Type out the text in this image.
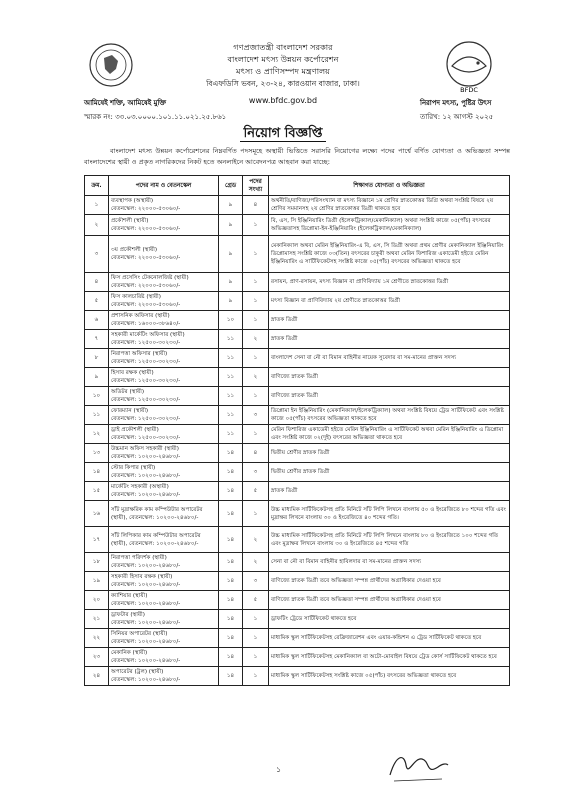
BFDC
গণপ্রজাতন্ত্রী বাংলাদেশ সরকার
বাংলাদেশ মৎস্য উন্নয়ন কর্পোরেশন
মৎস্য ও প্রাণিসম্পদ মন্ত্রণালয়
বিএফডিসি ভবন, ২৩-২৪, কারওয়ান বাজার, ঢাকা।
www.bfdc.gov.bd
আমিষেই শক্তি, আমিষেই মুক্তি	নিরাপদ মৎস্য, পুষ্টির উৎস
স্মারক নং: ৩৩.০৩.০০০০.১০১.১১.০২১.২৫.৮৬১	তারিখ: ১২ আগস্ট ২০২৫
নিয়োগ বিজ্ঞপ্তি
বাংলাদেশ মৎস্য উন্নয়ন কর্পোরেশনের নিম্নবর্ণিত পদসমূহে অস্থায়ী ভিত্তিতে সরাসরি নিয়োগের লক্ষ্যে পদের পার্শ্বে বর্ণিত যোগ্যতা ও অভিজ্ঞতা সম্পন্ন বাংলাদেশের স্থায়ী ও প্রকৃত নাগরিকদের নিকট হতে অনলাইনে আবেদনপত্র আহবান করা যাচ্ছে:
ক্রম.	পদের নাম ও বেতনস্কেল	গ্রেড	পদের সংখ্যা	শিক্ষাগত যোগ্যতা ও অভিজ্ঞতা
১	ব্যবস্থাপক (অস্থায়ী)
বেতনস্কেল: ২২০০০-৫৩০৬০/-	৯	৪	অর্থনীতি/বাণিজ্য/পরিসংখ্যান বা মৎস্য বিজ্ঞানে ১ম শ্রেণির স্নাতকোত্তর ডিগ্রি অথবা সংশ্লিষ্ট বিষয়ে ২য় শ্রেণির সমমানসহ ২য় শ্রেণির স্নাতকোত্তর ডিগ্রী থাকতে হবে
২	প্রকৌশলী (স্থায়ী)
বেতনস্কেল: ২২০০০-৫৩০৬০/-	৯	১	বি, এস, সি ইঞ্জিনিয়ারিং ডিগ্রী (ইলেকট্রিক্যাল/মেকানিক্যাল) অথবা সংশ্লিষ্ট কাজে ০৫(পাঁচ) বৎসরের অভিজ্ঞতাসহ ডিপ্লোমা-ইন-ইঞ্জিনিয়ারিং (ইলেকট্রিক্যাল/মেকানিক্যাল)
৩	৩য় প্রকৌশলী (স্থায়ী)
বেতনস্কেল: ২২০০০-৫৩০৬০/-	৯	১	মেকানিক্যাল অথবা মেরিন ইঞ্জিনিয়ারিং-এ বি, এস, সি ডিগ্রী অথবা প্রথম শ্রেণীর মেকানিক্যাল ইঞ্জিনিয়ারিং ডিপ্লোমাসহ সংশ্লিষ্ট কাজে ০৩(তিন) বৎসরের চাকুরী অথবা মেরিন ফিশারিজ একাডেমী হইতে মেরিন ইঞ্জিনিয়ারিং এ সার্টিফিকেটসহ সংশ্লিষ্ট কাজে ০৫(পাঁচ) বৎসরের অভিজ্ঞতা থাকতে হবে
৪	ফিস প্রসেসিং টেকনোলজিষ্ট (স্থায়ী)
বেতনস্কেল: ২২০০০-৫৩০৬০/-	৯	১	রসায়ন, প্রাণ-রসায়ন, মৎস্য বিজ্ঞান বা প্রাণিবিদ্যায় ১ম শ্রেণীতে স্নাতকোত্তর ডিগ্রী
৫	ফিস কালচারিষ্ট (স্থায়ী)
বেতনস্কেল: ২২০০০-৫৩০৬০/-	৯	১	মৎস্য বিজ্ঞান বা প্রাণিবিদ্যায় ২য় শ্রেণীতে স্নাতকোত্তর ডিগ্রী
৬	প্রশাসনিক অফিসার (স্থায়ী)
বেতনস্কেল: ১৬০০০-৩৮৬৪০/-	১০	১	স্নাতক ডিগ্রী
৭	সহকারী মার্কেটিং অফিসার (স্থায়ী)
বেতনস্কেল: ১২৫০০-৩০২৩০/-	১১	২	স্নাতক ডিগ্রী
৮	নিরাপত্তা অফিসার (স্থায়ী)
বেতনস্কেল: ১২৫০০-৩০২৩০/-	১১	১	বাংলাদেশ সেনা বা নৌ বা বিমান বাহিনীর নায়েক সুবেদার বা সম-মানের প্রাক্তন সদস্য
৯	হিসাব রক্ষক (স্থায়ী)
বেতনস্কেল: ১২৫০০-৩০২৩০/-	১১	২	বাণিজ্যে স্নাতক ডিগ্রী
১০	অডিটর (স্থায়ী)
বেতনস্কেল: ১২৫০০-৩০২৩০/-	১১	১	বাণিজ্যে স্নাতক ডিগ্রী
১১	ফোরম্যান (স্থায়ী)
বেতনস্কেল: ১২৫০০-৩০২৩০/-	১১	৩	ডিপ্লোমা ইন ইঞ্জিনিয়ারিং (মেকানিক্যাল/ইলেকট্রিক্যাল) অথবা সংশ্লিষ্ট বিষয়ে ট্রেড সার্টিফিকেট এবং সংশ্লিষ্ট কাজে ০৫(পাঁচ) বৎসরের অভিজ্ঞতা থাকতে হবে
১২	ড্রাই প্রকৌশলী (স্থায়ী)
বেতনস্কেল: ১২৫০০-৩০২৩০/-	১১	১	মেরিন ফিশারিজ একাডেমী হইতে মেরিন ইঞ্জিনিয়ারিং এ সার্টিফিকেট অথবা মেরিন ইঞ্জিনিয়ারিং এ ডিপ্লোমা এবং সংশ্লিষ্ট কাজে ০২(দুই) বৎসরের অভিজ্ঞতা থাকতে হবে
১৩	উচ্চমান অফিস সহকারী (স্থায়ী)
বেতনস্কেল: ১০২০০-২৪৬৮০/-	১৪	৪	দ্বিতীয় শ্রেণীর স্নাতক ডিগ্রী
১৪	স্টোর কিপার (স্থায়ী)
বেতনস্কেল: ১০২০০-২৪৬৮০/-	১৪	৩	দ্বিতীয় শ্রেণীর স্নাতক ডিগ্রী
১৫	মার্কেটিং সহকারী (অস্থায়ী)
বেতনস্কেল: ১০২০০-২৪৬৮০/-	১৪	৫	স্নাতক ডিগ্রী
১৬	সাঁট মুদ্রাক্ষরিক কাম কম্পিউটার অপারেটর (স্থায়ী), বেতনস্কেল: ১০২০০-২৪৬৮০/-	১৪	১	উচ্চ মাধ্যমিক সার্টিফিকেটসহ প্রতি মিনিটে সাঁট লিপি লিখনে বাংলায় ৫০ ও ইংরেজিতে ৮০ শব্দের গতি এবং মুদ্রাক্ষর লিখনে বাংলায় ৩০ ও ইংরেজিতে ৪০ শব্দের গতি।
১৭	সাঁট লিপিকার কাম কম্পিউটার অপারেটর (স্থায়ী), বেতনস্কেল: ১০২০০-২৪৬৮০/-	১৪	২	উচ্চ মাধ্যমিক সার্টিফিকেটসহ প্রতি মিনিটে সাঁট লিপি লিখনে বাংলায় ৮০ ও ইংরেজিতে ১০০ শব্দের গতি এবং মুদ্রাক্ষর লিখনে বাংলায় ৩০ ও ইংরেজিতে ৪৫ শব্দের গতি
১৮	নিরাপত্তা পরিদর্শক (স্থায়ী)
বেতনস্কেল: ১০২০০-২৪৬৮০/-	১৪	২	সেনা বা নৌ বা বিমান বাহিনীর হাবিলদার বা সম-মানের প্রাক্তন সদস্য
১৯	সহকারী হিসাব রক্ষক (স্থায়ী)
বেতনস্কেল: ১০২০০-২৪৬৮০/-	১৪	৩	বাণিজ্যে স্নাতক ডিগ্রী তবে অভিজ্ঞতা সম্পন্ন প্রার্থীদের অগ্রাধিকার দেওয়া হবে
২০	ক্যাশিয়ার (স্থায়ী)
বেতনস্কেল: ১০২০০-২৪৬৮০/-	১৪	৫	বাণিজ্যে স্নাতক ডিগ্রী তবে অভিজ্ঞতা সম্পন্ন প্রার্থীদের অগ্রাধিকার দেওয়া হবে
২১	ড্রাফটার (স্থায়ী)
বেতনস্কেল: ১০২০০-২৪৬৮০/-	১৪	১	ড্রাফটিং ট্রেডে সার্টিফিকেট থাকতে হবে
২২	সিনিয়র অপারেটর (স্থায়ী)
বেতনস্কেল: ১০২০০-২৪৬৮০/-	১৪	১	মাধ্যমিক স্কুল সার্টিফিকেটসহ রেফ্রিজারেশন এবং এয়ার-কন্ডিশন এ ট্রেড সার্টিফিকেট থাকতে হবে
২৩	মেকানিক (স্থায়ী)
বেতনস্কেল: ১০২০০-২৪৬৮০/-	১৪	১	মাধ্যমিক স্কুল সার্টিফিকেটসহ মেকানিক্যাল বা অটো-মোবাইল বিষয়ে ট্রেড কোর্স সার্টিফিকেট থাকতে হবে
২৪	অপারেটর (ট্রল) (স্থায়ী)
বেতনস্কেল: ১০২০০-২৪৬৮০/-	১৪	১	মাধ্যমিক স্কুল সার্টিফিকেটসহ সংশ্লিষ্ট কাজে ০৫(পাঁচ) বৎসরের অভিজ্ঞতা থাকতে হবে
১
